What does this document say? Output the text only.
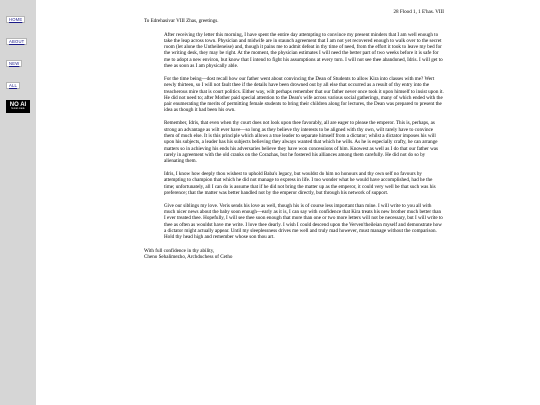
HOME
ABOUT
NEW
ALL
NO AI
human made
28 Flood 1, 1 E'has. VIII
To Edrehasivar VIII Zhas, greetings.

After receiving thy letter this morning, I have spent the entire day attempting to convince my present minders that I am well enough to take the leap across town. Physician and midwife are in staunch agreement that I am not yet recovered enough to walk over to the secret room (let alone the Untheileneise) and, though it pains me to admit defeat in thy time of need, from the effort it took to leave my bed for the writing desk, they may be right. At the moment, the physician estimates I will need the better part of two weeks before it is safe for me to adopt a new environ, but know that I intend to fight his assumptions at every turn. I will not see thee abandoned, Idris. I will get to thee as soon as I am physically able.

For the time being—dost recall how our father went about convincing the Dean of Students to allow Kira into classes with me? Wert newly thirteen, so I will not fault thee if the details have been drowned out by all else that occurred as a result of thy entry into the treacherous mire that is court politics. Either way, wilt perhaps remember that our father never once took it upon himself to insist upon it. He did not need to; after Mother paid special attention to the Dean's wife across various social gatherings, many of which ended with the pair enumerating the merits of permitting female students to bring their children along for lectures, the Dean was prepared to present the idea as though it had been his own.

Remember, Idris, that even when thy court does not look upon thee favorably, all are eager to please the emperor. This is, perhaps, as strong an advantage as wilt ever have—so long as they believe thy interests to be aligned with thy own, wilt rarely have to convince them of much else. It is this principle which allows a true leader to separate himself from a dictator; whilst a dictator imposes his will upon his subjects, a leader has his subjects believing they always wanted that which he wills. As he is especially crafty, he can arrange matters so in achieving his ends his adversaries believe they have won concessions of him. Knowest as well as I do that our father was rarely in agreement with the old cranks on the Corazhas, but he fostered his alliances among them carefully. He did not do so by alienating them.

Idris, I know how deeply thou wishest to uphold Baba's legacy, but wouldst do him no honours and thy own self no favours by attempting to champion that which he did not manage to express in life. I too wonder what he would have accomplished, had he the time; unfortunately, all I can do is assume that if he did not bring the matter up as the emperor, it could very well be that such was his preference; that the matter was better handled not by the emperor directly, but through his network of support.

Give our siblings my love. Veris sends his love as well, though his is of course less important than mine. I will write to you all with much nicer news about the baby soon enough—early as it is, I can say with confidence that Kira treats his new brother much better than I ever treated thee. Hopefully, I will see thee soon enough that more than one or two more letters will not be necessary, but I will write to thee as often as wouldst have me write. I love thee dearly. I wish I could descend upon the Verven'theileian myself and demonstrate how a dictator might actually appear. Until my sleeplessness drives me well and truly mad however, must manage without the comparison. Hold thy head high and remember whose son thou art.

With full confidence in thy ability,
Cheno Sehalimezho, Archduchess of Cetho
